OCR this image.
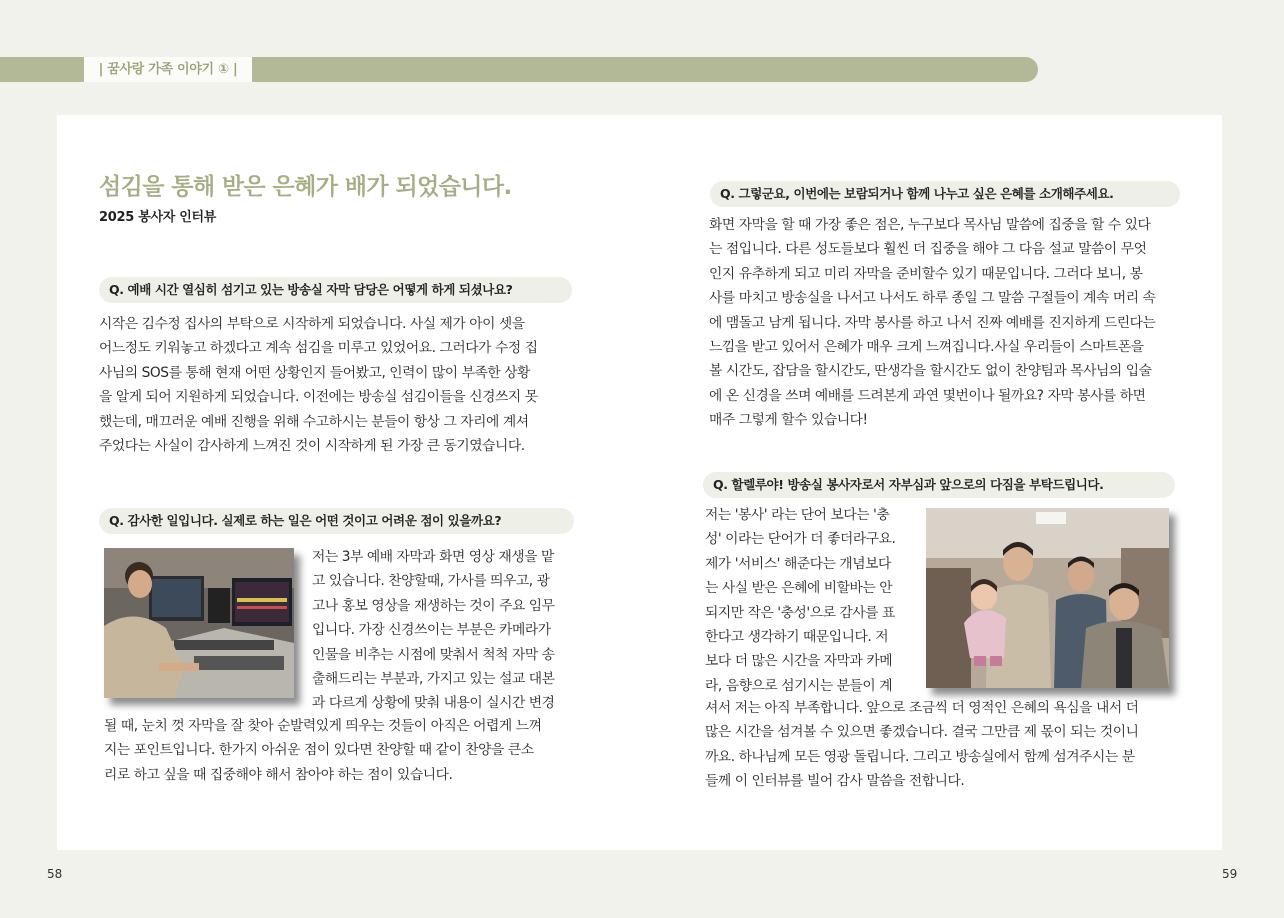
| 꿈사랑 가족 이야기 ① |
섬김을 통해 받은 은혜가 배가 되었습니다.
2025 봉사자 인터뷰
Q. 예배 시간 열심히 섬기고 있는 방송실 자막 담당은 어떻게 하게 되셨나요?
시작은 김수정 집사의 부탁으로 시작하게 되었습니다. 사실 제가 아이 셋을
어느정도 키워놓고 하겠다고 계속 섬김을 미루고 있었어요. 그러다가 수정 집
사님의 SOS를 통해 현재 어떤 상황인지 들어봤고, 인력이 많이 부족한 상황
을 알게 되어 지원하게 되었습니다. 이전에는 방송실 섬김이들을 신경쓰지 못
했는데, 매끄러운 예배 진행을 위해 수고하시는 분들이 항상 그 자리에 계셔
주었다는 사실이 감사하게 느껴진 것이 시작하게 된 가장 큰 동기였습니다.
Q. 감사한 일입니다. 실제로 하는 일은 어떤 것이고 어려운 점이 있을까요?
저는 3부 예배 자막과 화면 영상 재생을 맡
고 있습니다. 찬양할때, 가사를 띄우고, 광
고나 홍보 영상을 재생하는 것이 주요 임무
입니다. 가장 신경쓰이는 부분은 카메라가
인물을 비추는 시점에 맞춰서 척척 자막 송
출해드리는 부분과, 가지고 있는 설교 대본
과 다르게 상황에 맞춰 내용이 실시간 변경
될 때, 눈치 껏 자막을 잘 찾아 순발력있게 띄우는 것들이 아직은 어렵게 느껴
지는 포인트입니다. 한가지 아쉬운 점이 있다면 찬양할 때 같이 찬양을 큰소
리로 하고 싶을 때 집중해야 해서 참아야 하는 점이 있습니다.
Q. 그렇군요, 이번에는 보람되거나 함께 나누고 싶은 은혜를 소개해주세요.
화면 자막을 할 때 가장 좋은 점은, 누구보다 목사님 말씀에 집중을 할 수 있다
는 점입니다. 다른 성도들보다 훨씬 더 집중을 해야 그 다음 설교 말씀이 무엇
인지 유추하게 되고 미리 자막을 준비할수 있기 때문입니다. 그러다 보니, 봉
사를 마치고 방송실을 나서고 나서도 하루 종일 그 말씀 구절들이 계속 머리 속
에 맴돌고 남게 됩니다. 자막 봉사를 하고 나서 진짜 예배를 진지하게 드린다는
느낌을 받고 있어서 은혜가 매우 크게 느껴집니다.사실 우리들이 스마트폰을
볼 시간도, 잡담을 할시간도, 딴생각을 할시간도 없이 찬양팀과 목사님의 입술
에 온 신경을 쓰며 예배를 드려본게 과연 몇번이나 될까요? 자막 봉사를 하면
매주 그렇게 할수 있습니다!
Q. 할렐루야! 방송실 봉사자로서 자부심과 앞으로의 다짐을 부탁드립니다.
저는 '봉사' 라는 단어 보다는 '충
성' 이라는 단어가 더 좋더라구요.
제가 '서비스' 해준다는 개념보다
는 사실 받은 은혜에 비할바는 안
되지만 작은 '충성'으로 감사를 표
한다고 생각하기 때문입니다. 저
보다 더 많은 시간을 자막과 카메
라, 음향으로 섬기시는 분들이 계
셔서 저는 아직 부족합니다. 앞으로 조금씩 더 영적인 은혜의 욕심을 내서 더
많은 시간을 섬겨볼 수 있으면 좋겠습니다. 결국 그만큼 제 몫이 되는 것이니
까요. 하나님께 모든 영광 돌립니다. 그리고 방송실에서 함께 섬겨주시는 분
들께 이 인터뷰를 빌어 감사 말씀을 전합니다.
58	59
